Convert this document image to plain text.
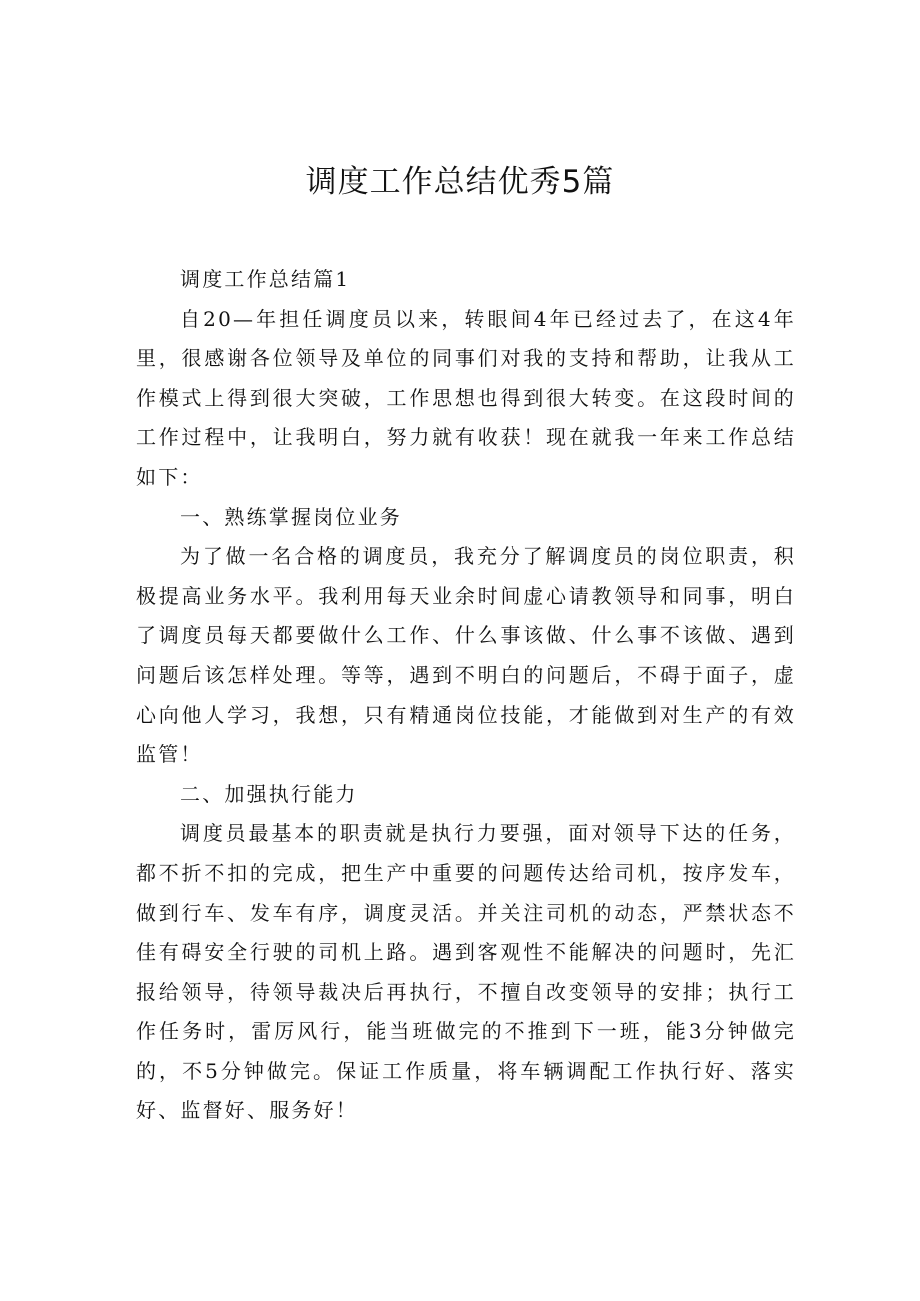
调度工作总结优秀5篇

调度工作总结篇1

自20—年担任调度员以来，转眼间4年已经过去了，在这4年里，很感谢各位领导及单位的同事们对我的支持和帮助，让我从工作模式上得到很大突破，工作思想也得到很大转变。在这段时间的工作过程中，让我明白，努力就有收获！现在就我一年来工作总结如下：

一、熟练掌握岗位业务

为了做一名合格的调度员，我充分了解调度员的岗位职责，积极提高业务水平。我利用每天业余时间虚心请教领导和同事，明白了调度员每天都要做什么工作、什么事该做、什么事不该做、遇到问题后该怎样处理。等等，遇到不明白的问题后，不碍于面子，虚心向他人学习，我想，只有精通岗位技能，才能做到对生产的有效监管！

二、加强执行能力

调度员最基本的职责就是执行力要强，面对领导下达的任务，都不折不扣的完成，把生产中重要的问题传达给司机，按序发车，做到行车、发车有序，调度灵活。并关注司机的动态，严禁状态不佳有碍安全行驶的司机上路。遇到客观性不能解决的问题时，先汇报给领导，待领导裁决后再执行，不擅自改变领导的安排；执行工作任务时，雷厉风行，能当班做完的不推到下一班，能3分钟做完的，不5分钟做完。保证工作质量，将车辆调配工作执行好、落实好、监督好、服务好！
